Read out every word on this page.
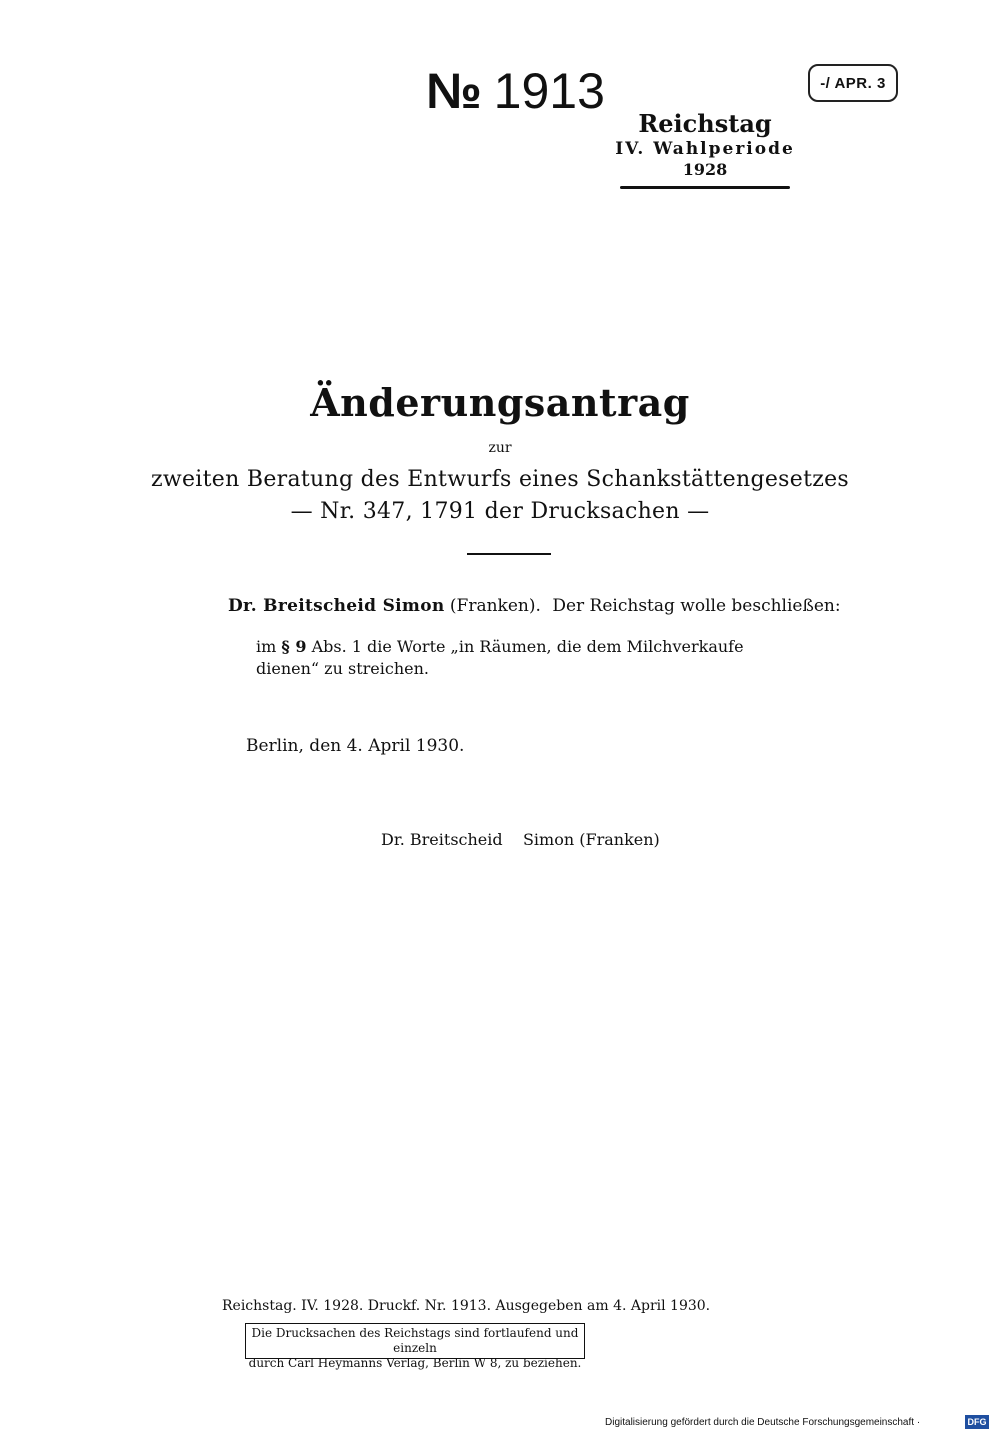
№ 1913	-/ APR. 3
Reichstag
IV. Wahlperiode
1928
Änderungsantrag
zur
zweiten Beratung des Entwurfs eines Schankstättengesetzes
— Nr. 347, 1791 der Drucksachen —
Dr. Breitscheid Simon (Franken). Der Reichstag wolle beschließen:
im § 9 Abs. 1 die Worte „in Räumen, die dem Milchverkaufe dienen“ zu streichen.
Berlin, den 4. April 1930.
Dr. Breitscheid    Simon (Franken)
Reichstag. IV. 1928. Druckf. Nr. 1913. Ausgegeben am 4. April 1930.
Die Drucksachen des Reichstags sind fortlaufend und einzeln
durch Carl Heymanns Verlag, Berlin W 8, zu beziehen.
Digitalisierung gefördert durch die Deutsche Forschungsgemeinschaft ·	DFG
